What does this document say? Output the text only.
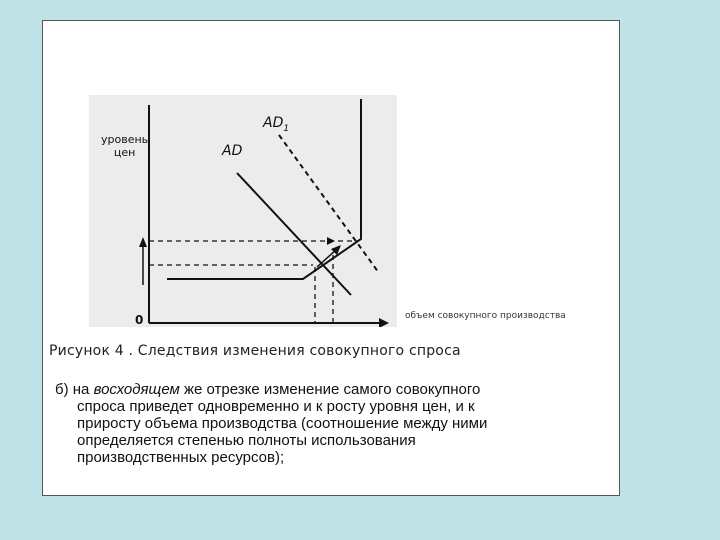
уровень
цен	AD
$AD_1$
0	объем совокупного производства
Рисунок 4 . Следствия изменения совокупного спроса
б) на восходящем же отрезке изменение самого совокупного
спроса приведет одновременно и к росту уровня цен, и к
приросту объема производства (соотношение между ними
определяется степенью полноты использования
производственных ресурсов);
